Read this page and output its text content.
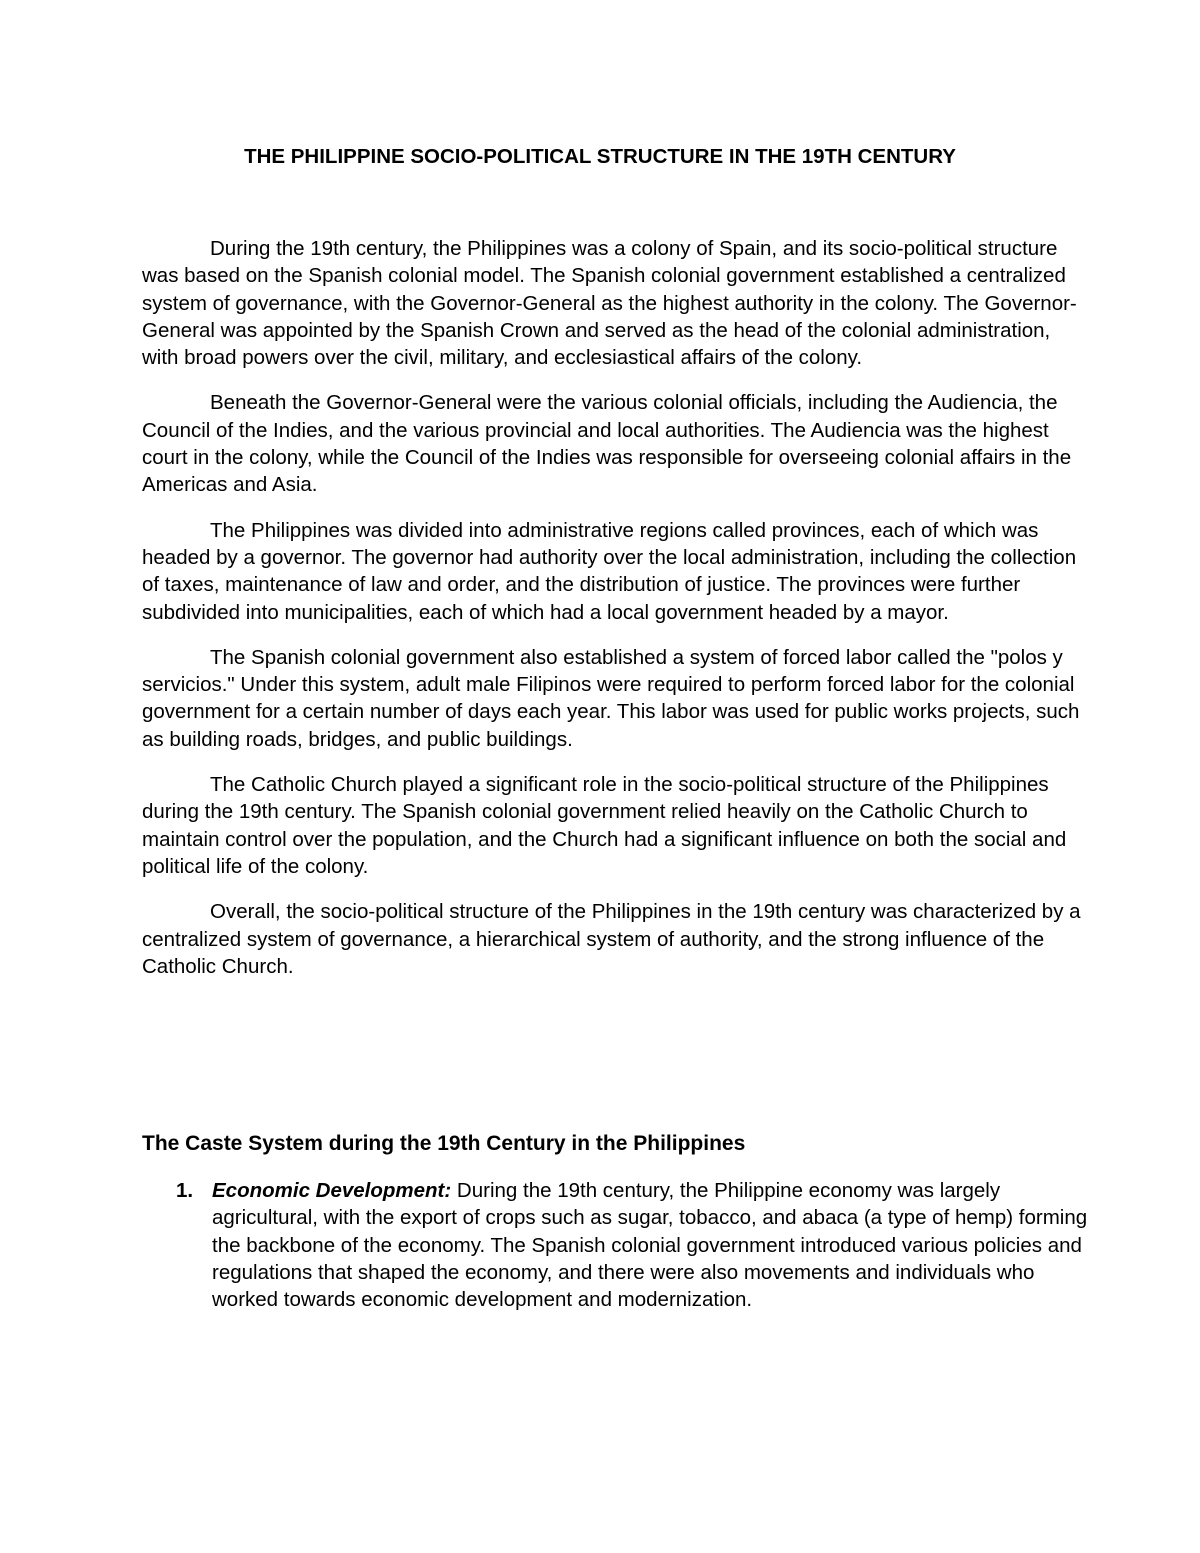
THE PHILIPPINE SOCIO-POLITICAL STRUCTURE IN THE 19TH CENTURY

During the 19th century, the Philippines was a colony of Spain, and its socio-political structure was based on the Spanish colonial model. The Spanish colonial government established a centralized system of governance, with the Governor-General as the highest authority in the colony. The Governor-General was appointed by the Spanish Crown and served as the head of the colonial administration, with broad powers over the civil, military, and ecclesiastical affairs of the colony.

Beneath the Governor-General were the various colonial officials, including the Audiencia, the Council of the Indies, and the various provincial and local authorities. The Audiencia was the highest court in the colony, while the Council of the Indies was responsible for overseeing colonial affairs in the Americas and Asia.

The Philippines was divided into administrative regions called provinces, each of which was headed by a governor. The governor had authority over the local administration, including the collection of taxes, maintenance of law and order, and the distribution of justice. The provinces were further subdivided into municipalities, each of which had a local government headed by a mayor.

The Spanish colonial government also established a system of forced labor called the "polos y servicios." Under this system, adult male Filipinos were required to perform forced labor for the colonial government for a certain number of days each year. This labor was used for public works projects, such as building roads, bridges, and public buildings.

The Catholic Church played a significant role in the socio-political structure of the Philippines during the 19th century. The Spanish colonial government relied heavily on the Catholic Church to maintain control over the population, and the Church had a significant influence on both the social and political life of the colony.

Overall, the socio-political structure of the Philippines in the 19th century was characterized by a centralized system of governance, a hierarchical system of authority, and the strong influence of the Catholic Church.

The Caste System during the 19th Century in the Philippines
1. Economic Development: During the 19th century, the Philippine economy was largely agricultural, with the export of crops such as sugar, tobacco, and abaca (a type of hemp) forming the backbone of the economy. The Spanish colonial government introduced various policies and regulations that shaped the economy, and there were also movements and individuals who worked towards economic development and modernization.
